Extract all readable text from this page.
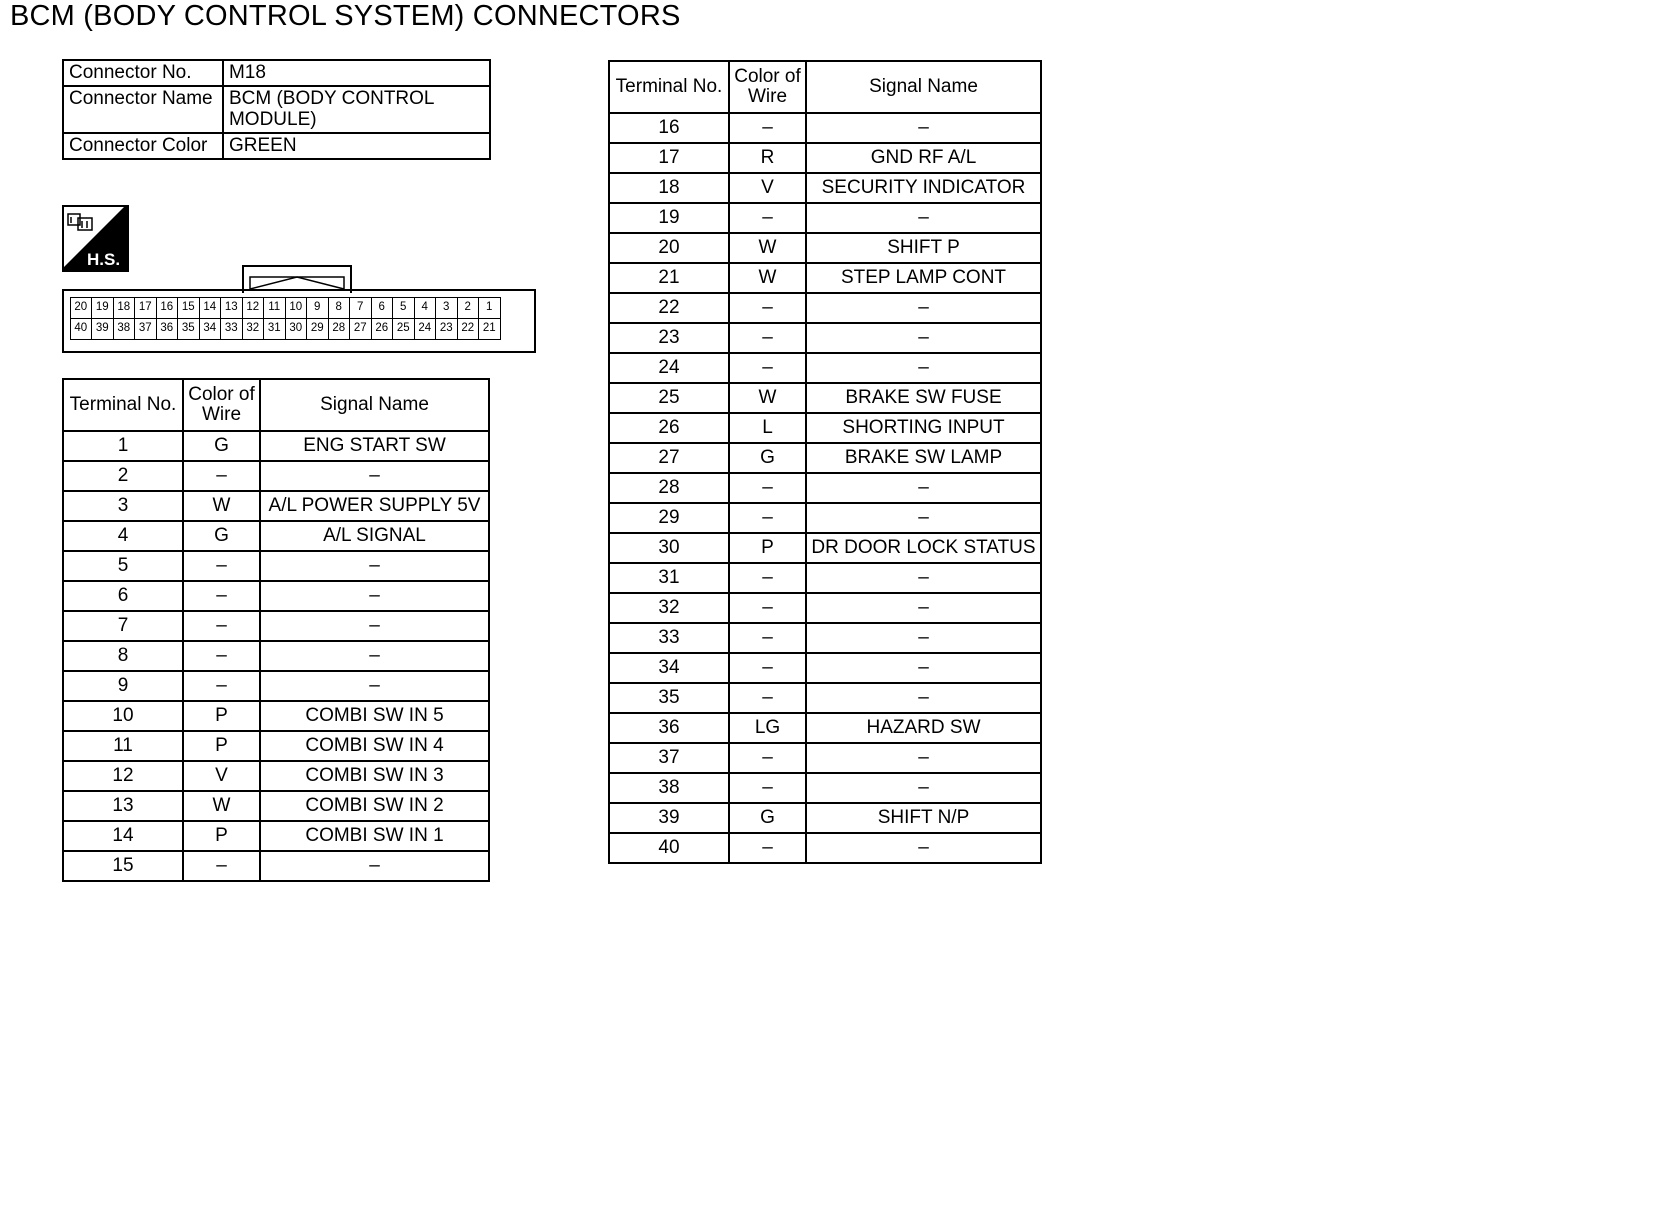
BCM (BODY CONTROL SYSTEM) CONNECTORS
Connector No.	M18
Connector Name	BCM (BODY CONTROL MODULE)
Connector Color	GREEN
H.S.
20 19 18 17 16 15 14 13 12 11 10	9	8	7	6	5	4	3	2	1
40 39 38 37 36 35 34 33 32 31 30 29 28 27 26 25 24 23 22 21
Terminal No.	Color of Wire	Signal Name
1	G	ENG START SW
2	–	–
3	W	A/L POWER SUPPLY 5V
4	G	A/L SIGNAL
5	–	–
6	–	–
7	–	–
8	–	–
9	–	–
10	P	COMBI SW IN 5
11	P	COMBI SW IN 4
12	V	COMBI SW IN 3
13	W	COMBI SW IN 2
14	P	COMBI SW IN 1
15	–	–
Terminal No.	Color of Wire	Signal Name
16	–	–
17	R	GND RF A/L
18	V	SECURITY INDICATOR
19	–	–
20	W	SHIFT P
21	W	STEP LAMP CONT
22	–	–
23	–	–
24	–	–
25	W	BRAKE SW FUSE
26	L	SHORTING INPUT
27	G	BRAKE SW LAMP
28	–	–
29	–	–
30	P	DR DOOR LOCK STATUS
31	–	–
32	–	–
33	–	–
34	–	–
35	–	–
36	LG	HAZARD SW
37	–	–
38	–	–
39	G	SHIFT N/P
40	–	–
